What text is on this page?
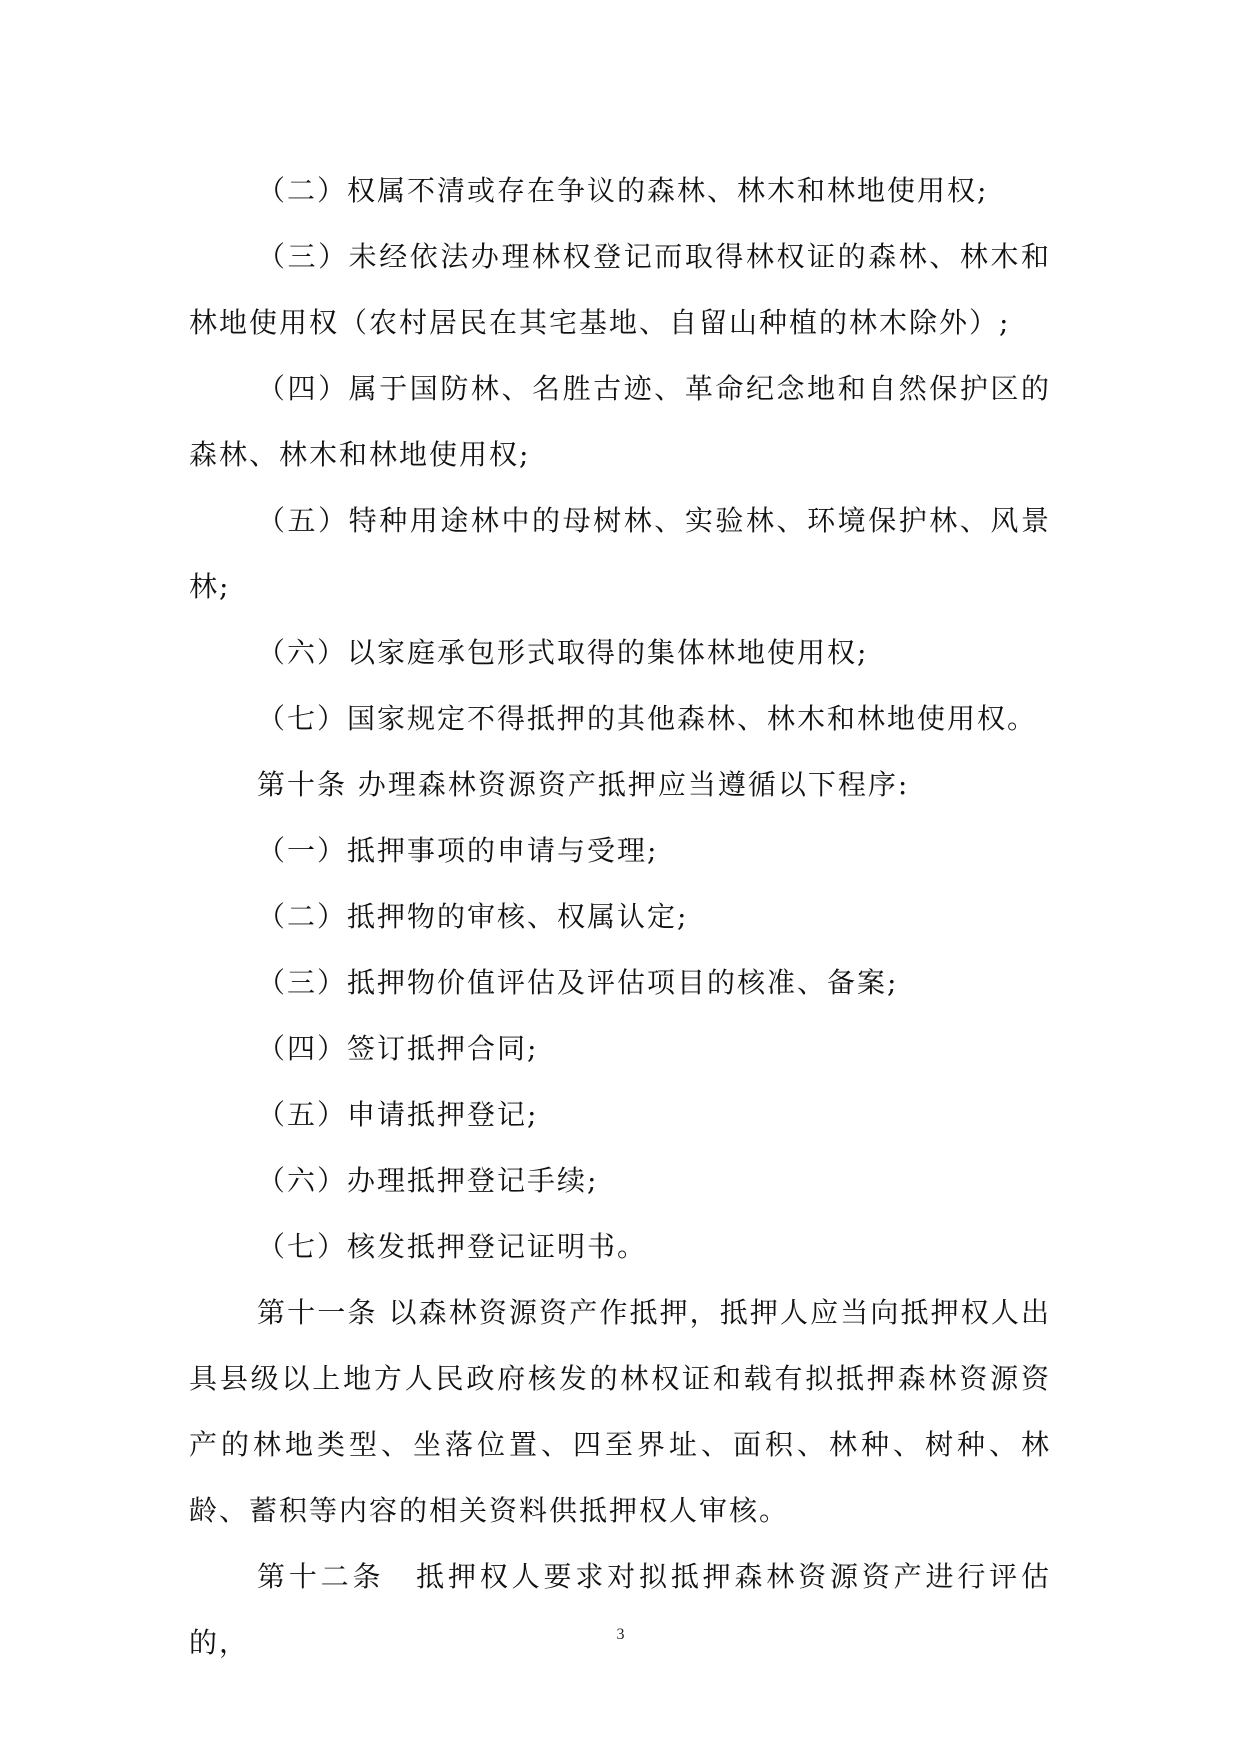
（二）权属不清或存在争议的森林、林木和林地使用权;

（三）未经依法办理林权登记而取得林权证的森林、林木和林地使用权（农村居民在其宅基地、自留山种植的林木除外）;

（四）属于国防林、名胜古迹、革命纪念地和自然保护区的森林、林木和林地使用权;

（五）特种用途林中的母树林、实验林、环境保护林、风景林;

（六）以家庭承包形式取得的集体林地使用权;

（七）国家规定不得抵押的其他森林、林木和林地使用权。

第十条 办理森林资源资产抵押应当遵循以下程序:

（一）抵押事项的申请与受理;

（二）抵押物的审核、权属认定;

（三）抵押物价值评估及评估项目的核准、备案;

（四）签订抵押合同;

（五）申请抵押登记;

（六）办理抵押登记手续;

（七）核发抵押登记证明书。

第十一条 以森林资源资产作抵押，抵押人应当向抵押权人出具县级以上地方人民政府核发的林权证和载有拟抵押森林资源资产的林地类型、坐落位置、四至界址、面积、林种、树种、林龄、蓄积等内容的相关资料供抵押权人审核。

第十二条　抵押权人要求对拟抵押森林资源资产进行评估的，	3
